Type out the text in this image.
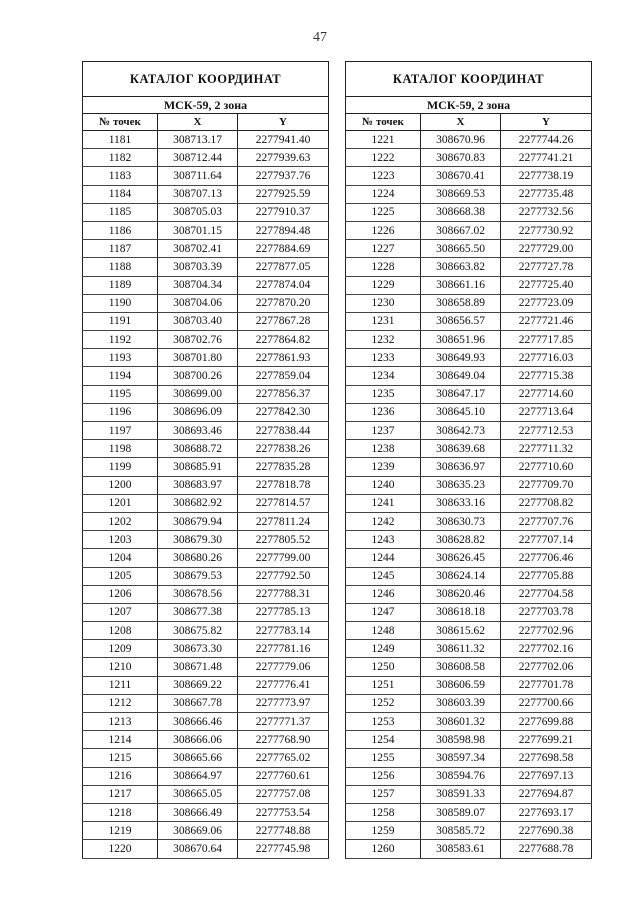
47
КАТАЛОГ КООРДИНАТ		
МСК-59, 2 зона		
№ точек	X	Y
1181	308713.17	2277941.40
1182	308712.44	2277939.63
1183	308711.64	2277937.76
1184	308707.13	2277925.59
1185	308705.03	2277910.37
1186	308701.15	2277894.48
1187	308702.41	2277884.69
1188	308703.39	2277877.05
1189	308704.34	2277874.04
1190	308704.06	2277870.20
1191	308703.40	2277867.28
1192	308702.76	2277864.82
1193	308701.80	2277861.93
1194	308700.26	2277859.04
1195	308699.00	2277856.37
1196	308696.09	2277842.30
1197	308693.46	2277838.44
1198	308688.72	2277838.26
1199	308685.91	2277835.28
1200	308683.97	2277818.78
1201	308682.92	2277814.57
1202	308679.94	2277811.24
1203	308679.30	2277805.52
1204	308680.26	2277799.00
1205	308679.53	2277792.50
1206	308678.56	2277788.31
1207	308677.38	2277785.13
1208	308675.82	2277783.14
1209	308673.30	2277781.16
1210	308671.48	2277779.06
1211	308669.22	2277776.41
1212	308667.78	2277773.97
1213	308666.46	2277771.37
1214	308666.06	2277768.90
1215	308665.66	2277765.02
1216	308664.97	2277760.61
1217	308665.05	2277757.08
1218	308666.49	2277753.54
1219	308669.06	2277748.88
1220	308670.64	2277745.98
КАТАЛОГ КООРДИНАТ		
МСК-59, 2 зона		
№ точек	X	Y
1221	308670.96	2277744.26
1222	308670.83	2277741.21
1223	308670.41	2277738.19
1224	308669.53	2277735.48
1225	308668.38	2277732.56
1226	308667.02	2277730.92
1227	308665.50	2277729.00
1228	308663.82	2277727.78
1229	308661.16	2277725.40
1230	308658.89	2277723.09
1231	308656.57	2277721.46
1232	308651.96	2277717.85
1233	308649.93	2277716.03
1234	308649.04	2277715.38
1235	308647.17	2277714.60
1236	308645.10	2277713.64
1237	308642.73	2277712.53
1238	308639.68	2277711.32
1239	308636.97	2277710.60
1240	308635.23	2277709.70
1241	308633.16	2277708.82
1242	308630.73	2277707.76
1243	308628.82	2277707.14
1244	308626.45	2277706.46
1245	308624.14	2277705.88
1246	308620.46	2277704.58
1247	308618.18	2277703.78
1248	308615.62	2277702.96
1249	308611.32	2277702.16
1250	308608.58	2277702.06
1251	308606.59	2277701.78
1252	308603.39	2277700.66
1253	308601.32	2277699.88
1254	308598.98	2277699.21
1255	308597.34	2277698.58
1256	308594.76	2277697.13
1257	308591.33	2277694.87
1258	308589.07	2277693.17
1259	308585.72	2277690.38
1260	308583.61	2277688.78
